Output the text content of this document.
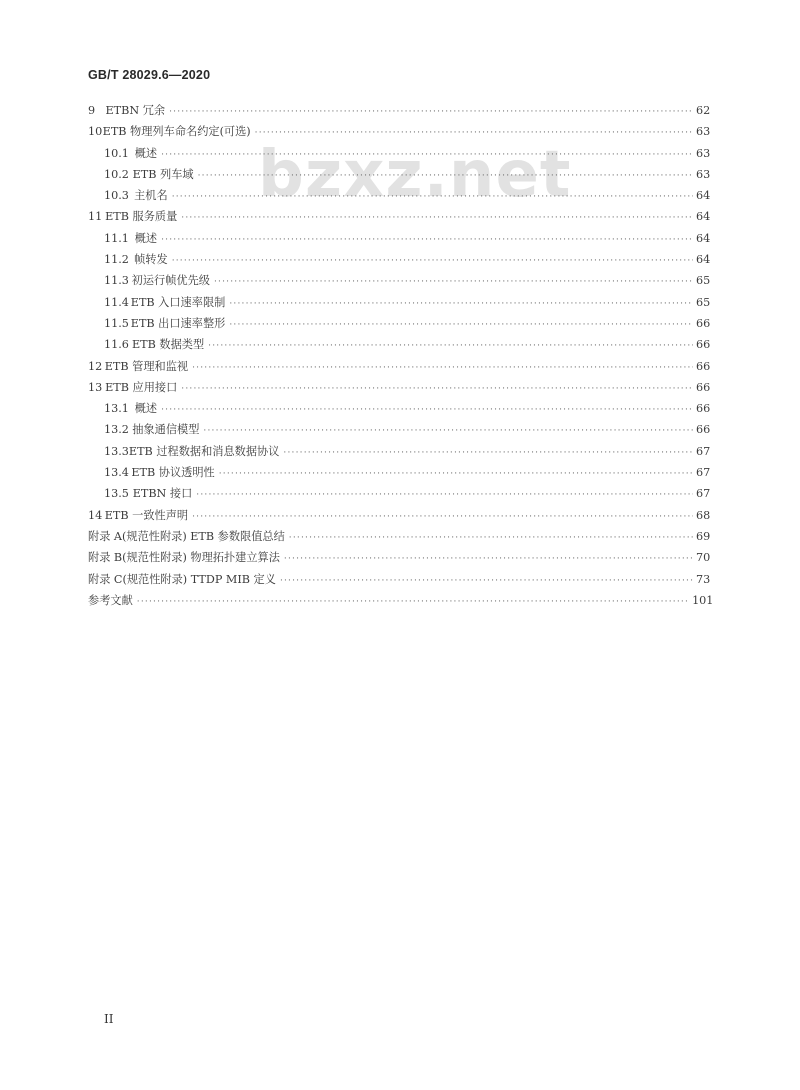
GB/T 28029.6—2020
bzxz.net
9 ETBN 冗余 ·····	62
10 ETB 物理列车命名约定(可选) ·····	63
10.1 概述 ·····	63
10.2 ETB 列车域 ·····	63
10.3 主机名 ·····	64
11 ETB 服务质量 ·····	64
11.1 概述 ·····	64
11.2 帧转发 ·····	64
11.3 初运行帧优先级 ·····	65
11.4 ETB 入口速率限制 ·····	65
11.5 ETB 出口速率整形 ·····	66
11.6 ETB 数据类型 ·····	66
12 ETB 管理和监视 ·····	66
13 ETB 应用接口 ·····	66
13.1 概述 ·····	66
13.2 抽象通信模型 ·····	66
13.3 ETB 过程数据和消息数据协议 ·····	67
13.4 ETB 协议透明性 ·····	67
13.5 ETBN 接口 ·····	67
14 ETB 一致性声明 ·····	68
附录 A(规范性附录) ETB 参数限值总结 ·····	69
附录 B(规范性附录) 物理拓扑建立算法 ·····	70
附录 C(规范性附录) TTDP MIB 定义 ·····	73
参考文献 ·····	101
II
